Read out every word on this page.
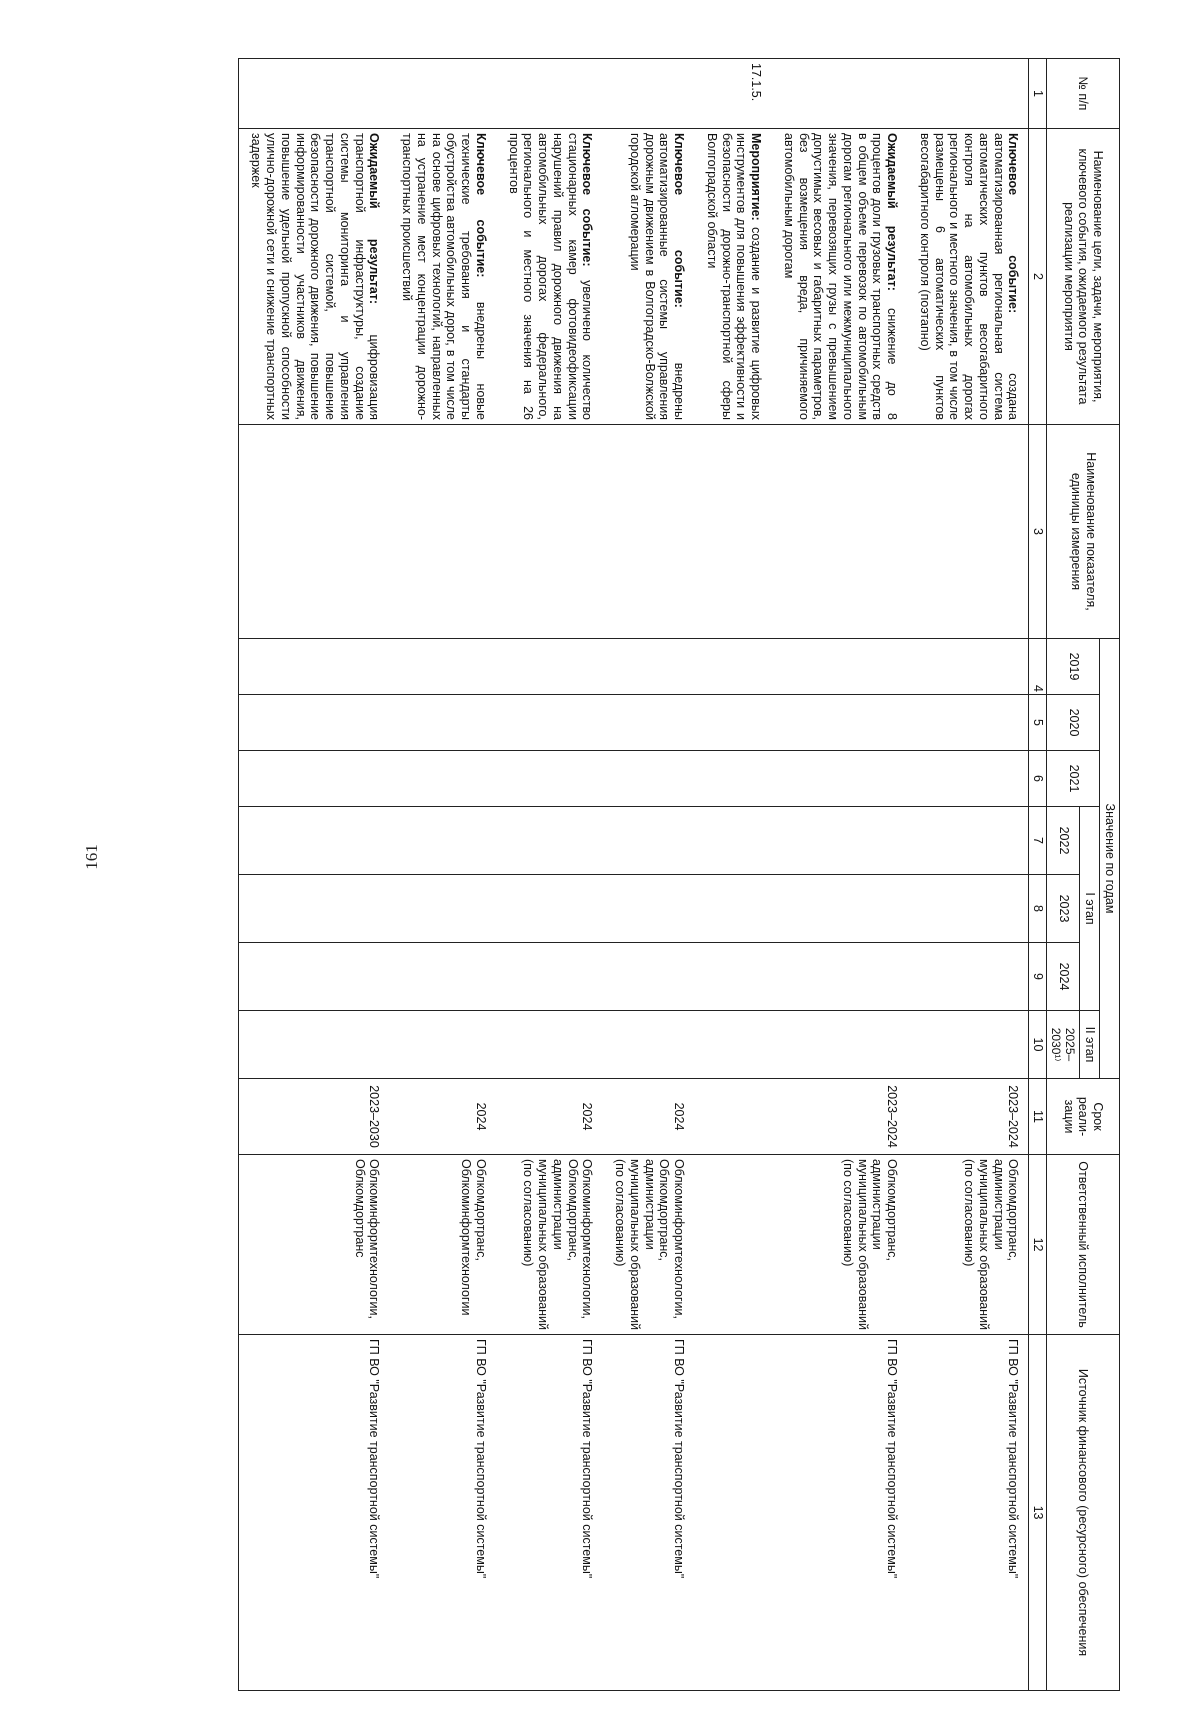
161
№ п/п	Наименование цели, задачи, мероприятия, ключевого события, ожидаемого результата реализации мероприятия	Наименование показателя, единицы измерения	Значение по годам							Срок реали-зации	Ответственный исполнитель	Источник финансового (ресурсного) обеспечения
			2019	2020	2021	I этап			II этап			
						2022	2023	2024	2025–2030¹⁾			
1	2	3	4	5	6	7	8	9	10	11	12	13
	Ключевое событие: создана автоматизированная региональная система автоматических пунктов весогабаритного контроля на автомобильных дорогах регионального и местного значения, в том числе размещены 6 автоматических пунктов весогабаритного контроля (поэтапно)									2023–2024	Облкомдортранс, администрации муниципальных образований (по согласованию)	ГП ВО "Развитие транспортной системы"
	Ожидаемый результат: снижение до 8 процентов доли грузовых транспортных средств в общем объеме перевозок по автомобильным дорогам регионального или межмуниципального значения, перевозящих грузы с превышением допустимых весовых и габаритных параметров, без возмещения вреда, причиняемого автомобильным дорогам									2023–2024	Облкомдортранс, администрации муниципальных образований (по согласованию)	ГП ВО "Развитие транспортной системы"
17.1.5.	Мероприятие: создание и развитие цифровых инструментов для повышения эффективности и безопасности дорожно-транспортной сферы Волгоградской области											
	Ключевое событие: внедрены автоматизированные системы управления дорожным движением в Волгоградско-Волжской городской агломерации									2024	Облкоминформтехнологии, Облкомдортранс, администрации муниципальных образований (по согласованию)	ГП ВО "Развитие транспортной системы"
	Ключевое событие: увеличено количество стационарных камер фотовидеофиксации нарушений правил дорожного движения на автомобильных дорогах федерального, регионального и местного значения на 26 процентов									2024	Облкоминформтехнологии, Облкомдортранс, администрации муниципальных образований (по согласованию)	ГП ВО "Развитие транспортной системы"
	Ключевое событие: внедрены новые технические требования и стандарты обустройства автомобильных дорог, в том числе на основе цифровых технологий, направленных на устранение мест концентрации дорожно-транспортных происшествий									2024	Облкомдортранс, Облкоминформтехнологии	ГП ВО "Развитие транспортной системы"
	Ожидаемый результат: цифровизация транспортной инфраструктуры, создание системы мониторинга и управления транспортной системой, повышение безопасности дорожного движения, повышение информированности участников движения, повышение удельной пропускной способности улично-дорожной сети и снижение транспортных задержек									2023–2030	Облкоминформтехнологии, Облкомдортранс	ГП ВО "Развитие транспортной системы"
